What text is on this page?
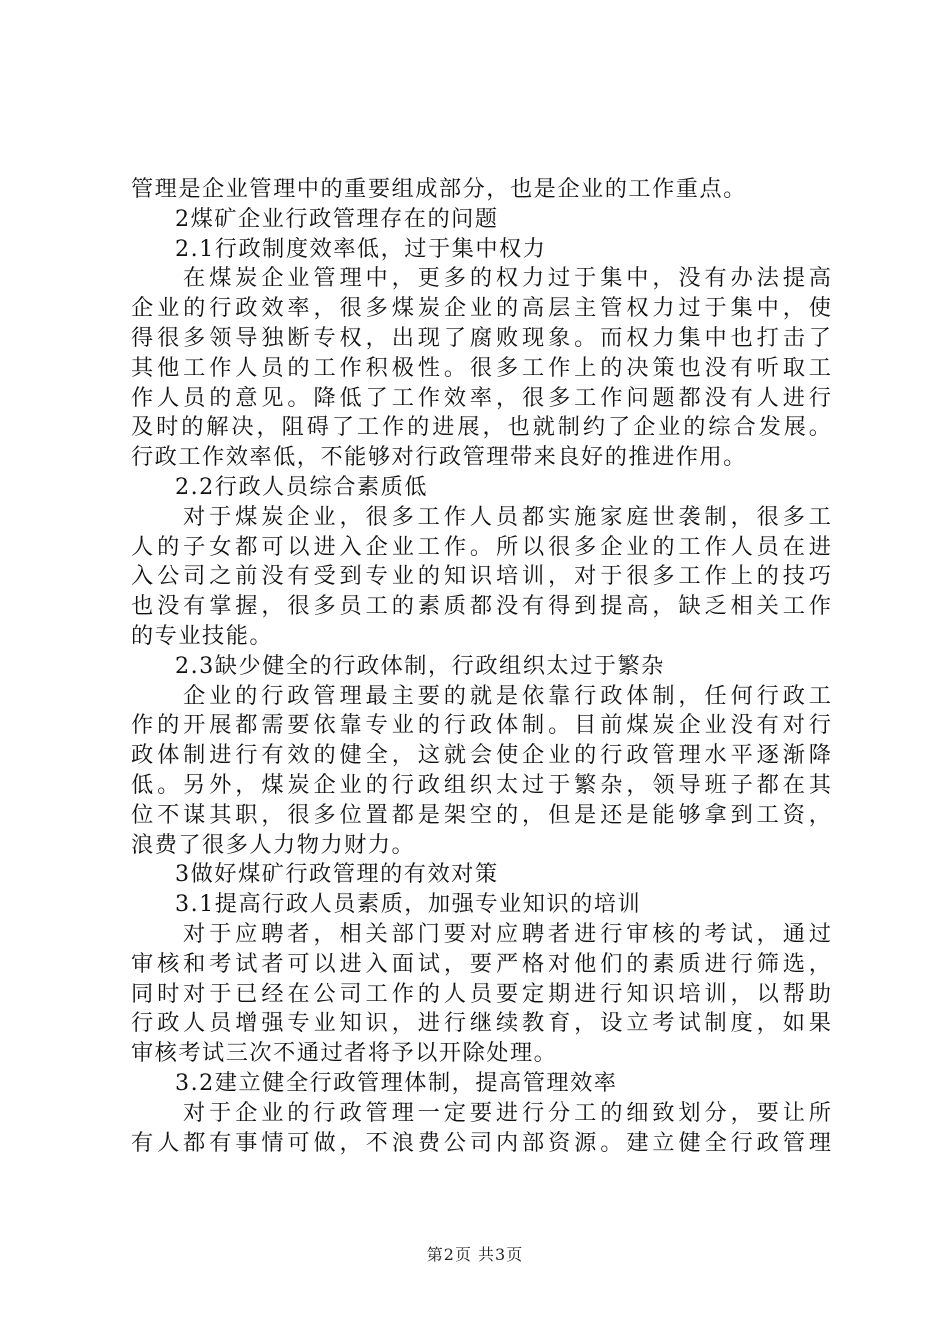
管理是企业管理中的重要组成部分，也是企业的工作重点。
2煤矿企业行政管理存在的问题
2.1行政制度效率低，过于集中权力
在煤炭企业管理中，更多的权力过于集中，没有办法提高
企业的行政效率，很多煤炭企业的高层主管权力过于集中，使
得很多领导独断专权，出现了腐败现象。而权力集中也打击了
其他工作人员的工作积极性。很多工作上的决策也没有听取工
作人员的意见。降低了工作效率，很多工作问题都没有人进行
及时的解决，阻碍了工作的进展，也就制约了企业的综合发展。
行政工作效率低，不能够对行政管理带来良好的推进作用。
2.2行政人员综合素质低
对于煤炭企业，很多工作人员都实施家庭世袭制，很多工
人的子女都可以进入企业工作。所以很多企业的工作人员在进
入公司之前没有受到专业的知识培训，对于很多工作上的技巧
也没有掌握，很多员工的素质都没有得到提高，缺乏相关工作
的专业技能。
2.3缺少健全的行政体制，行政组织太过于繁杂
企业的行政管理最主要的就是依靠行政体制，任何行政工
作的开展都需要依靠专业的行政体制。目前煤炭企业没有对行
政体制进行有效的健全，这就会使企业的行政管理水平逐渐降
低。另外，煤炭企业的行政组织太过于繁杂，领导班子都在其
位不谋其职，很多位置都是架空的，但是还是能够拿到工资，
浪费了很多人力物力财力。
3做好煤矿行政管理的有效对策
3.1提高行政人员素质，加强专业知识的培训
对于应聘者，相关部门要对应聘者进行审核的考试，通过
审核和考试者可以进入面试，要严格对他们的素质进行筛选，
同时对于已经在公司工作的人员要定期进行知识培训，以帮助
行政人员增强专业知识，进行继续教育，设立考试制度，如果
审核考试三次不通过者将予以开除处理。
3.2建立健全行政管理体制，提高管理效率
对于企业的行政管理一定要进行分工的细致划分，要让所
有人都有事情可做，不浪费公司内部资源。建立健全行政管理
第2页 共3页
